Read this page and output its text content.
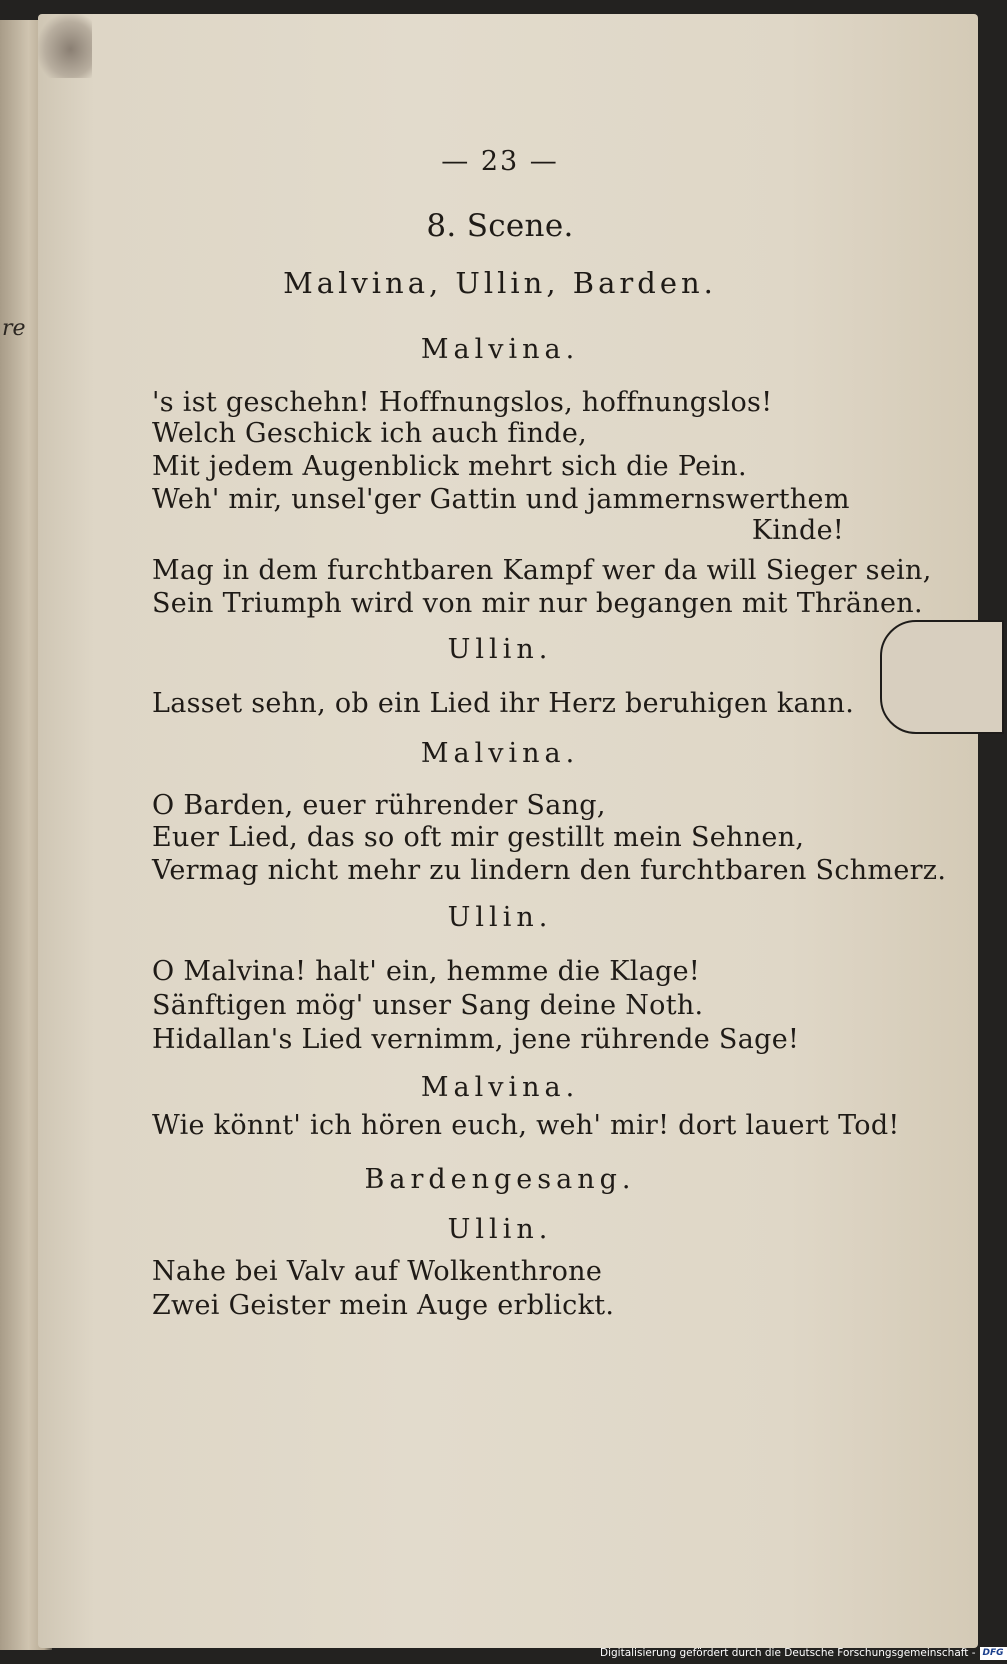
re
— 23 —
8. Scene.
Malvina, Ullin, Barden.
Malvina.
's ist geschehn! Hoffnungslos, hoffnungslos!
Welch Geschick ich auch finde,
Mit jedem Augenblick mehrt sich die Pein.
Weh' mir, unsel'ger Gattin und jammernswerthem
Kinde!
Mag in dem furchtbaren Kampf wer da will Sieger sein,
Sein Triumph wird von mir nur begangen mit Thränen.
Ullin.
Lasset sehn, ob ein Lied ihr Herz beruhigen kann.
Malvina.
O Barden, euer rührender Sang,
Euer Lied, das so oft mir gestillt mein Sehnen,
Vermag nicht mehr zu lindern den furchtbaren Schmerz.
Ullin.
O Malvina! halt' ein, hemme die Klage!
Sänftigen mög' unser Sang deine Noth.
Hidallan's Lied vernimm, jene rührende Sage!
Malvina.
Wie könnt' ich hören euch, weh' mir! dort lauert Tod!
Bardengesang.
Ullin.
Nahe bei Valv auf Wolkenthrone
Zwei Geister mein Auge erblickt.
Digitalisierung gefördert durch die Deutsche Forschungsgemeinschaft - DFG
